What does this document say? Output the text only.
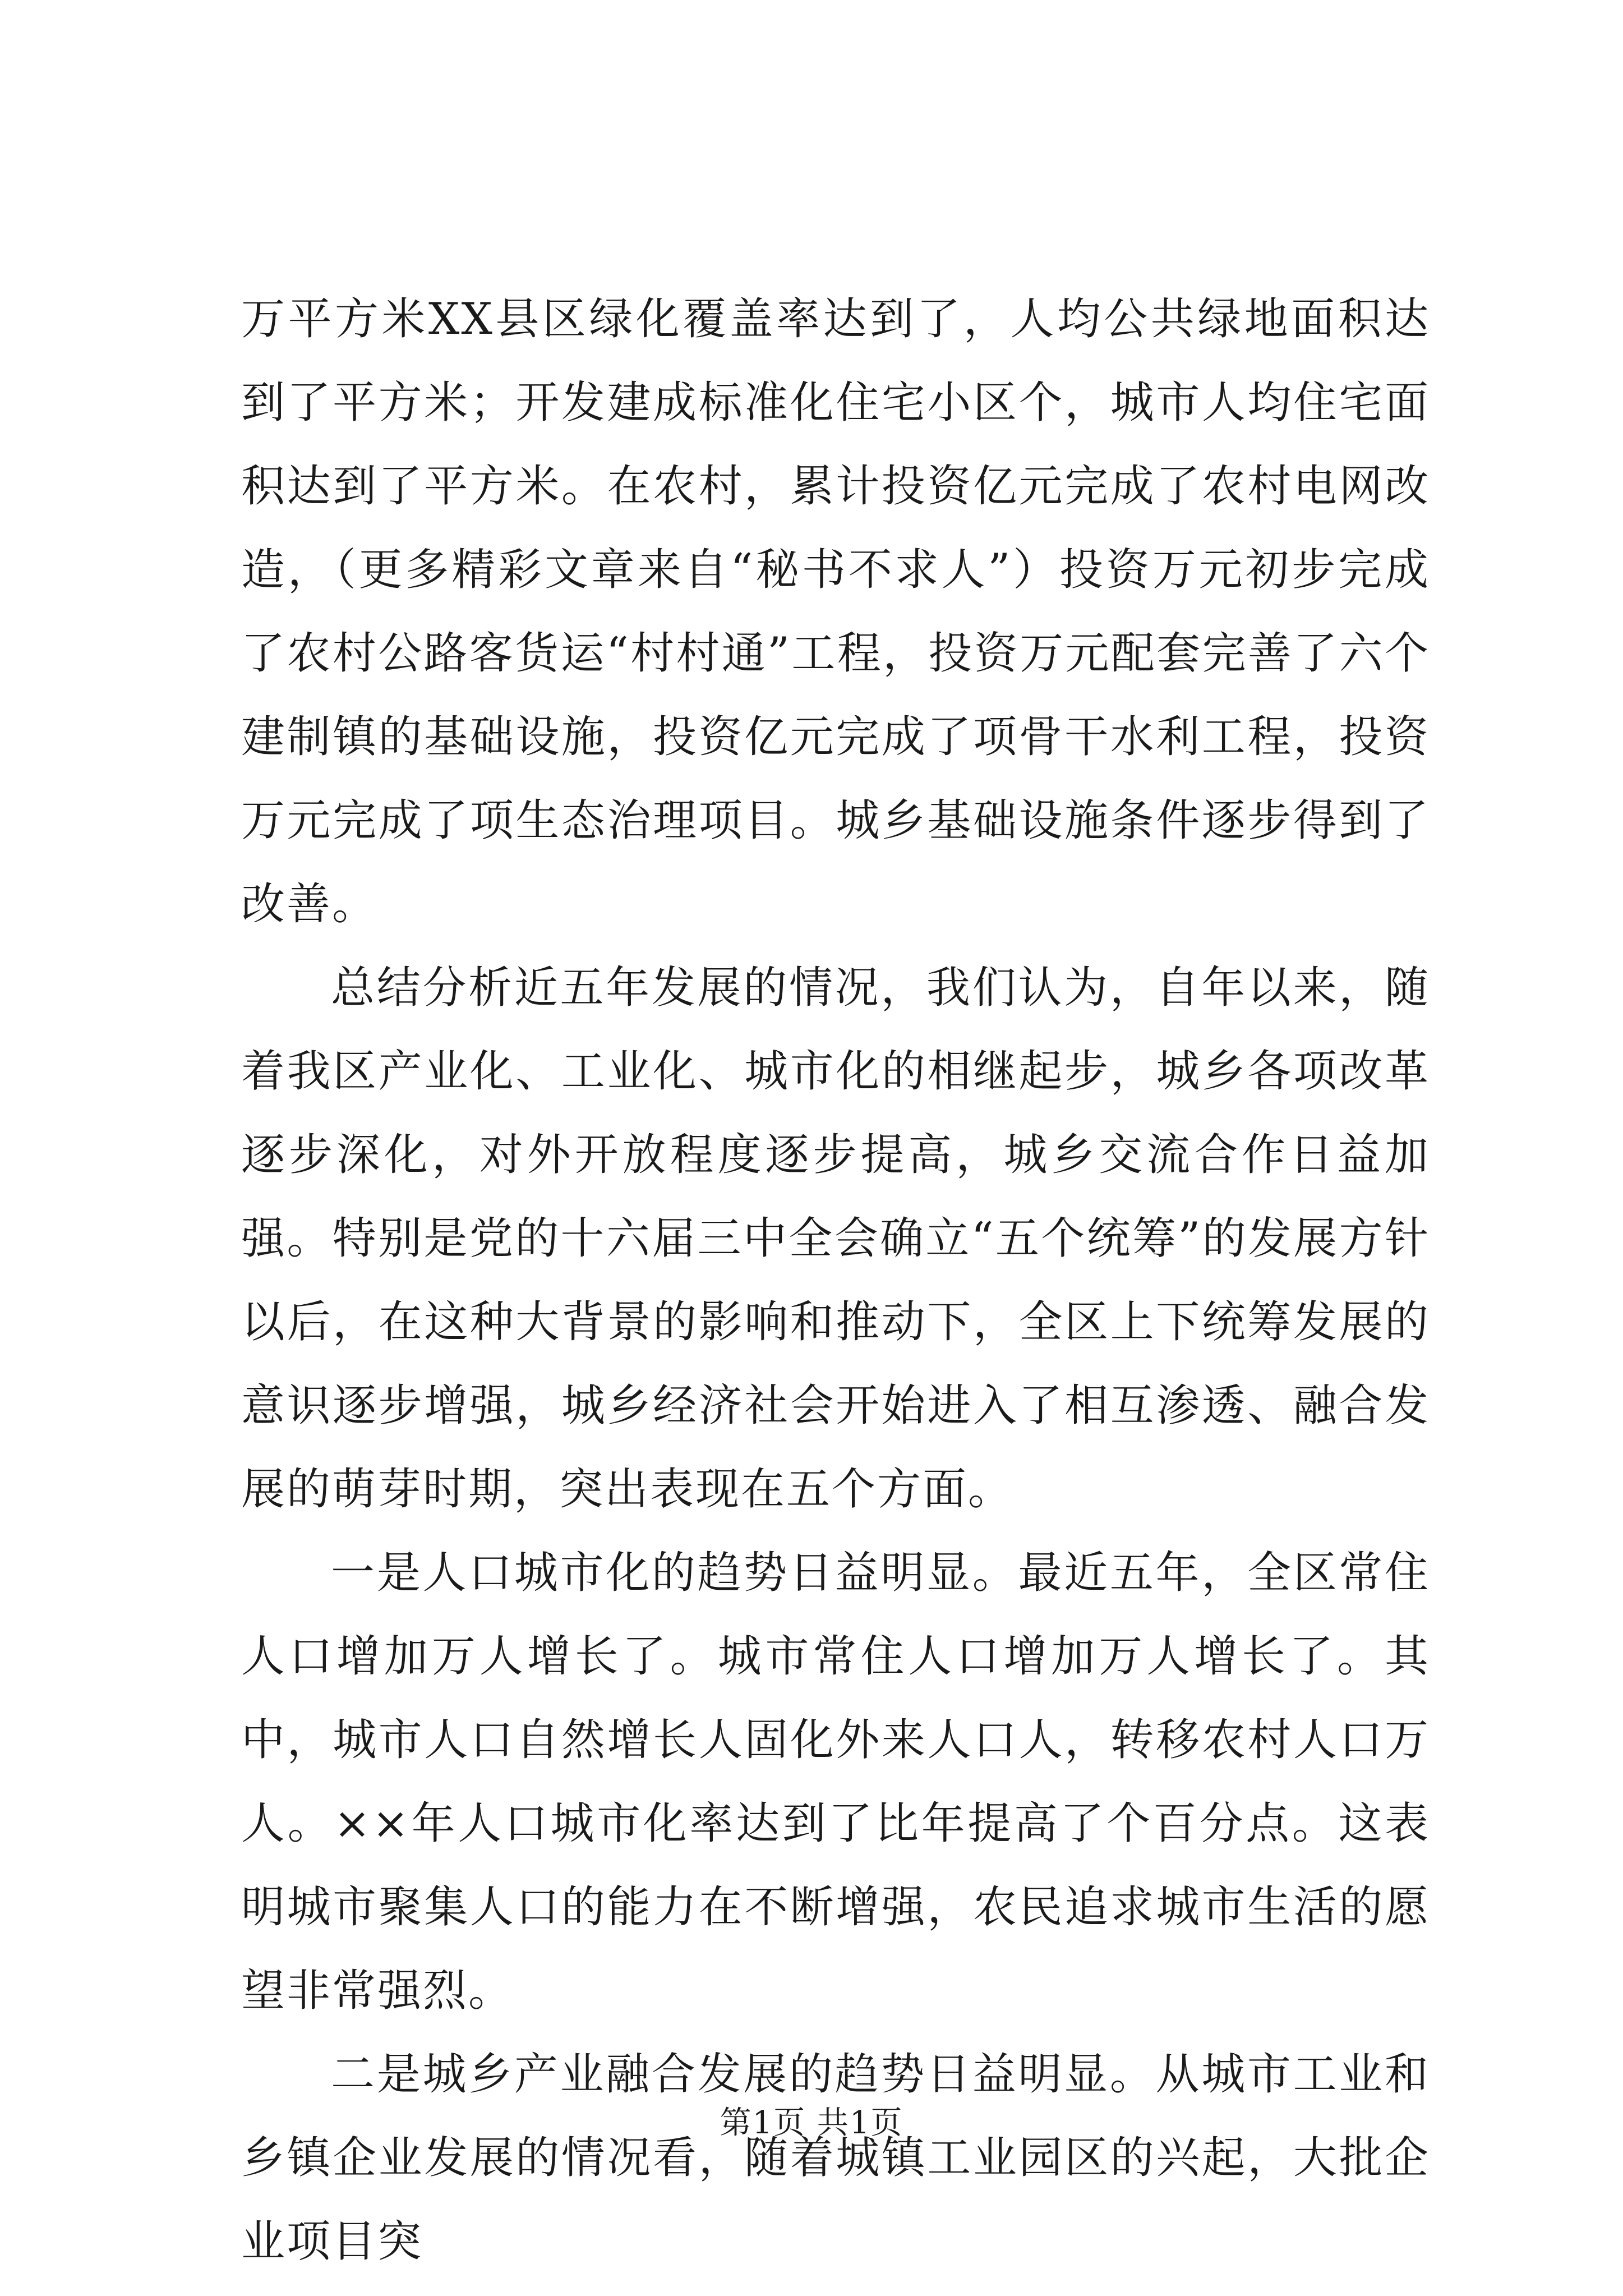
万平方米XX县区绿化覆盖率达到了，人均公共绿地面积达到了平方米；开发建成标准化住宅小区个，城市人均住宅面积达到了平方米。在农村，累计投资亿元完成了农村电网改造，（更多精彩文章来自“秘书不求人”）投资万元初步完成了农村公路客货运“村村通”工程，投资万元配套完善了六个建制镇的基础设施，投资亿元完成了项骨干水利工程，投资万元完成了项生态治理项目。城乡基础设施条件逐步得到了改善。

总结分析近五年发展的情况，我们认为，自年以来，随着我区产业化、工业化、城市化的相继起步，城乡各项改革逐步深化，对外开放程度逐步提高，城乡交流合作日益加强。特别是党的十六届三中全会确立“五个统筹”的发展方针以后，在这种大背景的影响和推动下，全区上下统筹发展的意识逐步增强，城乡经济社会开始进入了相互渗透、融合发展的萌芽时期，突出表现在五个方面。

一是人口城市化的趋势日益明显。最近五年，全区常住人口增加万人增长了。城市常住人口增加万人增长了。其中，城市人口自然增长人固化外来人口人，转移农村人口万人。××年人口城市化率达到了比年提高了个百分点。这表明城市聚集人口的能力在不断增强，农民追求城市生活的愿望非常强烈。

二是城乡产业融合发展的趋势日益明显。从城市工业和乡镇企业发展的情况看，随着城镇工业园区的兴起，大批企业项目突

第1页 共1页
